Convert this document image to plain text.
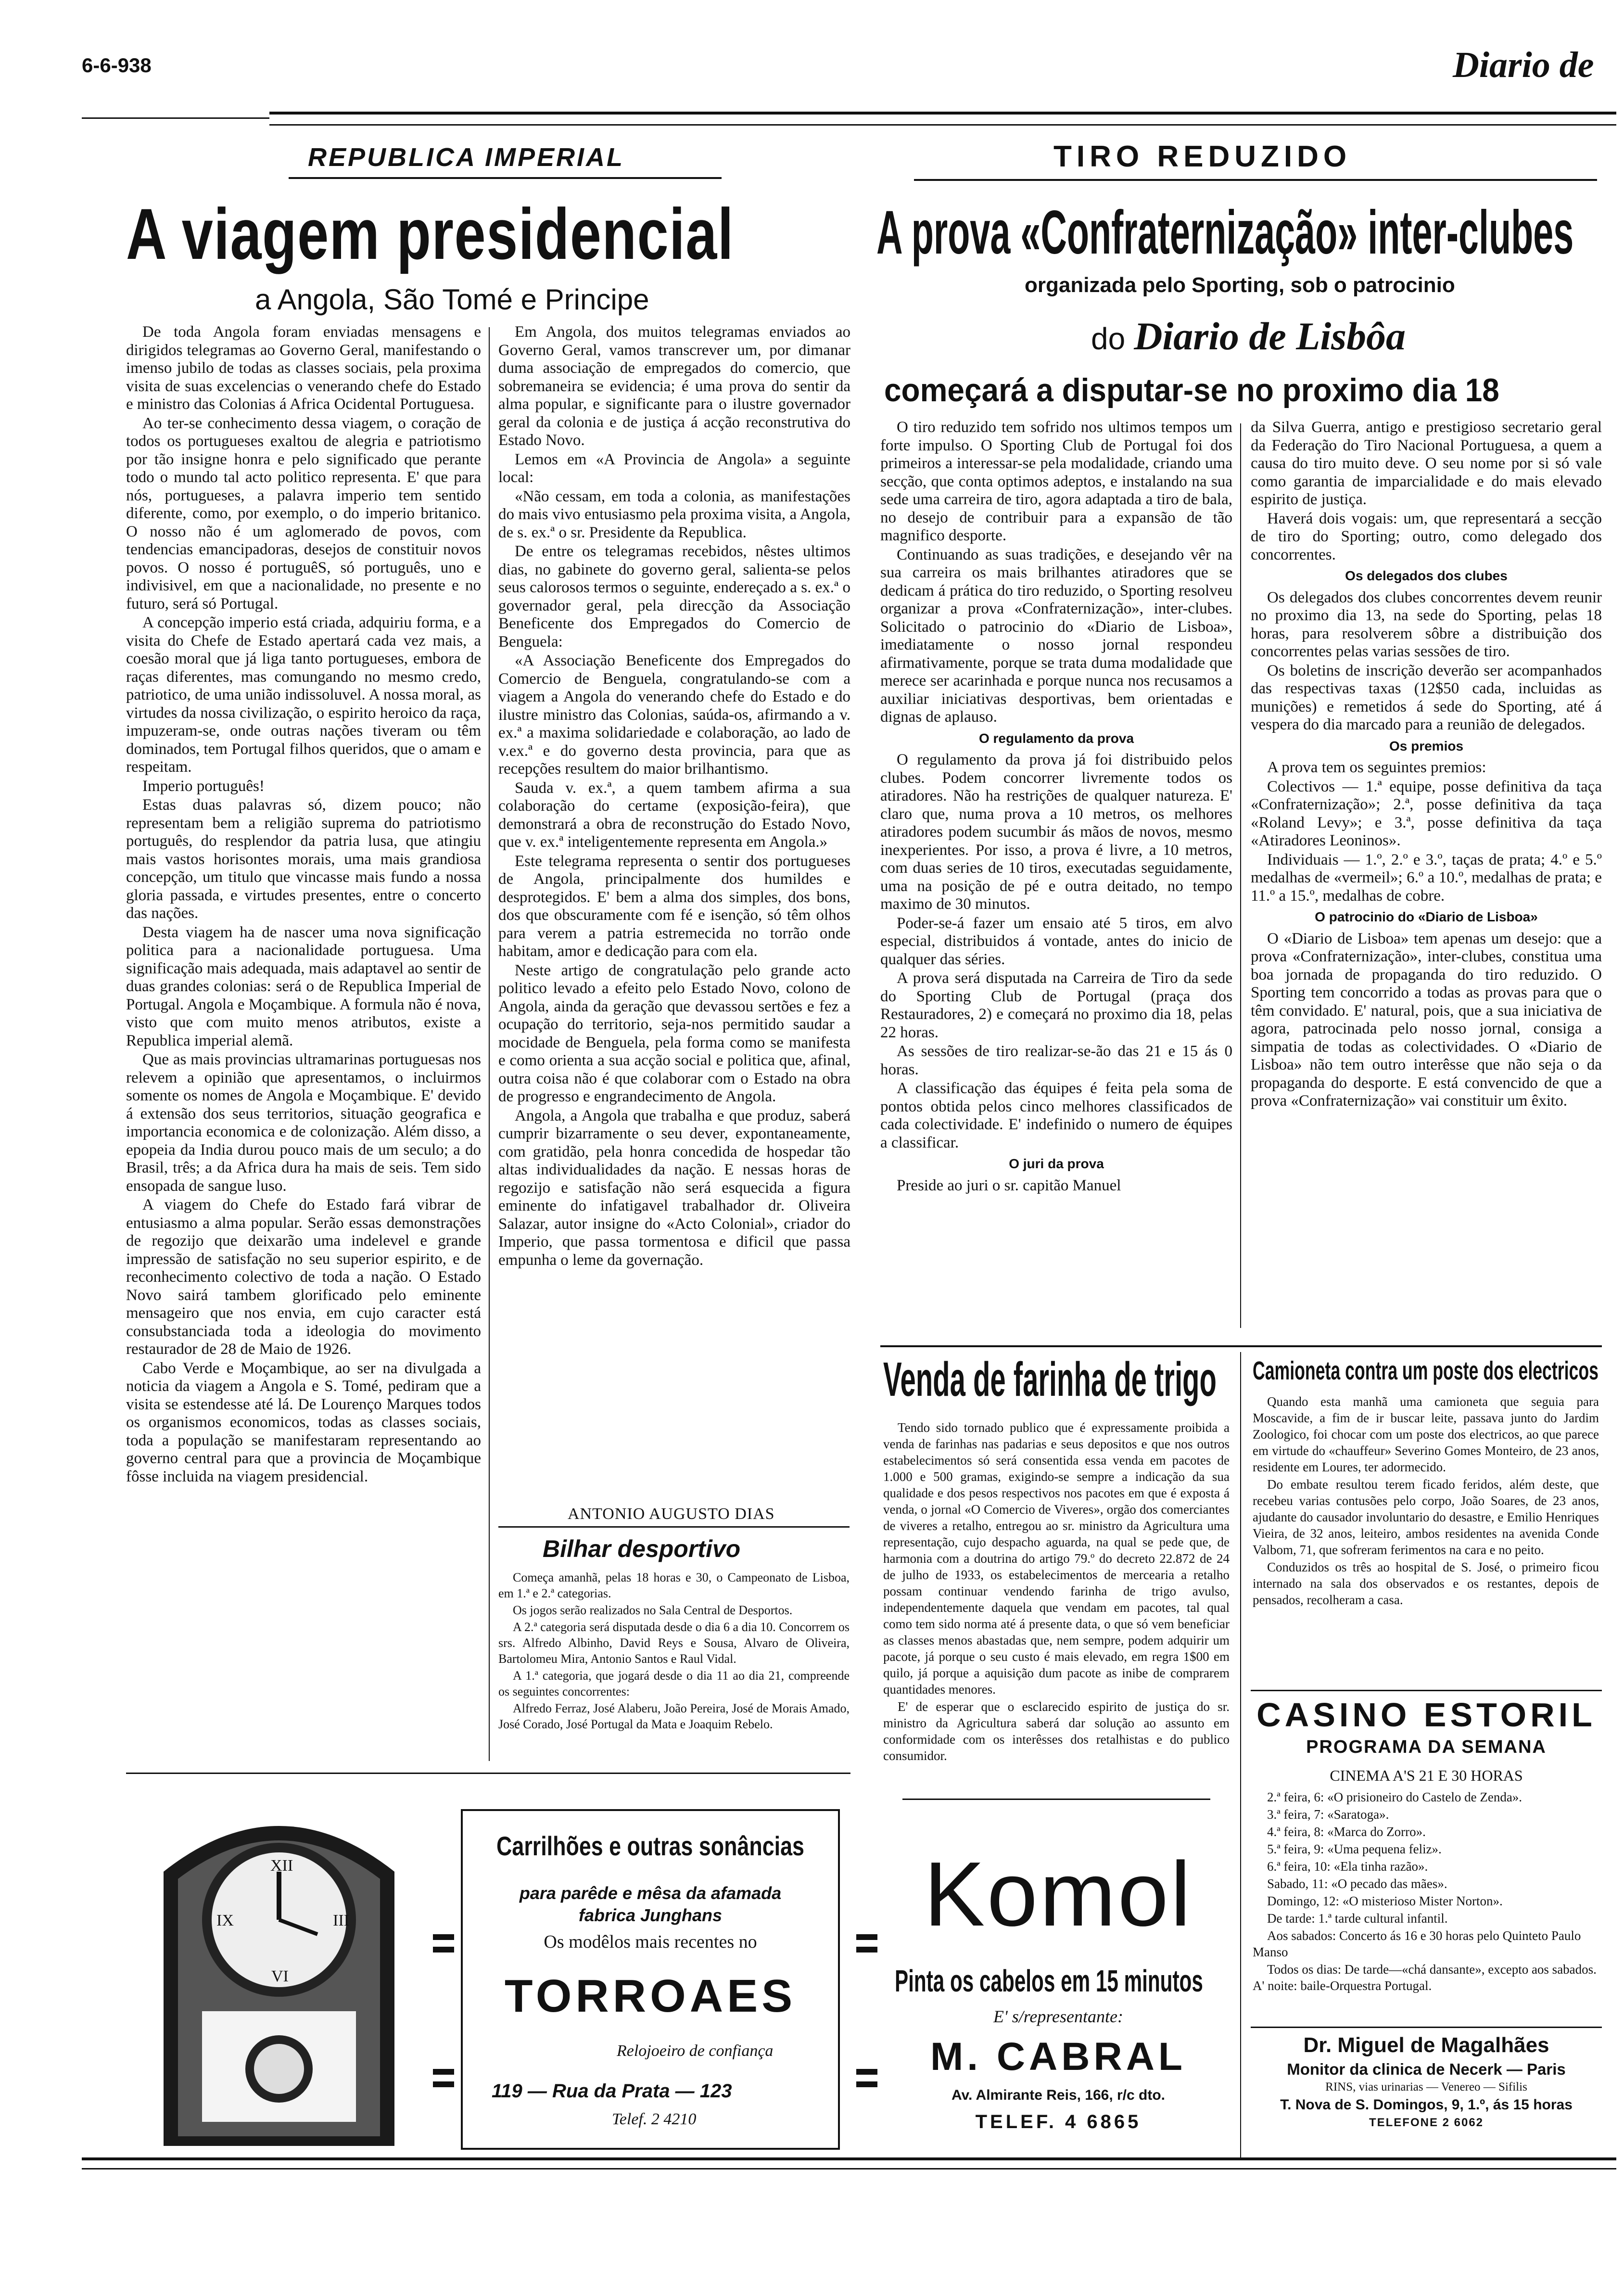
6-6-938	Diario de
REPUBLICA IMPERIAL
A viagem presidencial
a Angola, São Tomé e Principe

De toda Angola foram enviadas mensagens e dirigidos telegramas ao Governo Geral, manifestando o imenso jubilo de todas as classes sociais, pela proxima visita de suas excelencias o venerando chefe do Estado e ministro das Colonias á Africa Ocidental Portuguesa.

Ao ter-se conhecimento dessa viagem, o coração de todos os portugueses exaltou de alegria e patriotismo por tão insigne honra e pelo significado que perante todo o mundo tal acto politico representa. E' que para nós, portugueses, a palavra imperio tem sentido diferente, como, por exemplo, o do imperio britanico. O nosso não é um aglomerado de povos, com tendencias emancipadoras, desejos de constituir novos povos. O nosso é portuguêS, só português, uno e indivisivel, em que a nacionalidade, no presente e no futuro, será só Portugal.

A concepção imperio está criada, adquiriu forma, e a visita do Chefe de Estado apertará cada vez mais, a coesão moral que já liga tanto portugueses, embora de raças diferentes, mas comungando no mesmo credo, patriotico, de uma união indissoluvel. A nossa moral, as virtudes da nossa civilização, o espirito heroico da raça, impuzeram-se, onde outras nações tiveram ou têm dominados, tem Portugal filhos queridos, que o amam e respeitam.

Imperio português!

Estas duas palavras só, dizem pouco; não representam bem a religião suprema do patriotismo português, do resplendor da patria lusa, que atingiu mais vastos horisontes morais, uma mais grandiosa concepção, um titulo que vincasse mais fundo a nossa gloria passada, e virtudes presentes, entre o concerto das nações.

Desta viagem ha de nascer uma nova significação politica para a nacionalidade portuguesa. Uma significação mais adequada, mais adaptavel ao sentir de duas grandes colonias: será o de Republica Imperial de Portugal. Angola e Moçambique. A formula não é nova, visto que com muito menos atributos, existe a Republica imperial alemã.

Que as mais provincias ultramarinas portuguesas nos relevem a opinião que apresentamos, o incluirmos somente os nomes de Angola e Moçambique. E' devido á extensão dos seus territorios, situação geografica e importancia economica e de colonização. Além disso, a epopeia da India durou pouco mais de um seculo; a do Brasil, três; a da Africa dura ha mais de seis. Tem sido ensopada de sangue luso.

A viagem do Chefe do Estado fará vibrar de entusiasmo a alma popular. Serão essas demonstrações de regozijo que deixarão uma indelevel e grande impressão de satisfação no seu superior espirito, e de reconhecimento colectivo de toda a nação. O Estado Novo sairá tambem glorificado pelo eminente mensageiro que nos envia, em cujo caracter está consubstanciada toda a ideologia do movimento restaurador de 28 de Maio de 1926.

Cabo Verde e Moçambique, ao ser na divulgada a noticia da viagem a Angola e S. Tomé, pediram que a visita se estendesse até lá. De Lourenço Marques todos os organismos economicos, todas as classes sociais, toda a população se manifestaram representando ao governo central para que a provincia de Moçambique fôsse incluida na viagem presidencial.

Em Angola, dos muitos telegramas enviados ao Governo Geral, vamos transcrever um, por dimanar duma associação de empregados do comercio, que sobremaneira se evidencia; é uma prova do sentir da alma popular, e significante para o ilustre governador geral da colonia e de justiça á acção reconstrutiva do Estado Novo.

Lemos em «A Provincia de Angola» a seguinte local:

«Não cessam, em toda a colonia, as manifestações do mais vivo entusiasmo pela proxima visita, a Angola, de s. ex.ª o sr. Presidente da Republica.

De entre os telegramas recebidos, nêstes ultimos dias, no gabinete do governo geral, salienta-se pelos seus calorosos termos o seguinte, endereçado a s. ex.ª o governador geral, pela direcção da Associação Beneficente dos Empregados do Comercio de Benguela:

«A Associação Beneficente dos Empregados do Comercio de Benguela, congratulando-se com a viagem a Angola do venerando chefe do Estado e do ilustre ministro das Colonias, saúda-os, afirmando a v. ex.ª a maxima solidariedade e colaboração, ao lado de v.ex.ª e do governo desta provincia, para que as recepções resultem do maior brilhantismo.

Sauda v. ex.ª, a quem tambem afirma a sua colaboração do certame (exposição-feira), que demonstrará a obra de reconstrução do Estado Novo, que v. ex.ª inteligentemente representa em Angola.»

Este telegrama representa o sentir dos portugueses de Angola, principalmente dos humildes e desprotegidos. E' bem a alma dos simples, dos bons, dos que obscuramente com fé e isenção, só têm olhos para verem a patria estremecida no torrão onde habitam, amor e dedicação para com ela.

Neste artigo de congratulação pelo grande acto politico levado a efeito pelo Estado Novo, colono de Angola, ainda da geração que devassou sertões e fez a ocupação do territorio, seja-nos permitido saudar a mocidade de Benguela, pela forma como se manifesta e como orienta a sua acção social e politica que, afinal, outra coisa não é que colaborar com o Estado na obra de progresso e engrandecimento de Angola.

Angola, a Angola que trabalha e que produz, saberá cumprir bizarramente o seu dever, expontaneamente, com gratidão, pela honra concedida de hospedar tão altas individualidades da nação. E nessas horas de regozijo e satisfação não será esquecida a figura eminente do infatigavel trabalhador dr. Oliveira Salazar, autor insigne do «Acto Colonial», criador do Imperio, que passa tormentosa e dificil que passa empunha o leme da governação.

ANTONIO AUGUSTO DIAS
Bilhar desportivo

Começa amanhã, pelas 18 horas e 30, o Campeonato de Lisboa, em 1.ª e 2.ª categorias.

Os jogos serão realizados no Sala Central de Desportos.

A 2.ª categoria será disputada desde o dia 6 a dia 10. Concorrem os srs. Alfredo Albinho, David Reys e Sousa, Alvaro de Oliveira, Bartolomeu Mira, Antonio Santos e Raul Vidal.

A 1.ª categoria, que jogará desde o dia 11 ao dia 21, compreende os seguintes concorrentes:

Alfredo Ferraz, José Alaberu, João Pereira, José de Morais Amado, José Corado, José Portugal da Mata e Joaquim Rebelo.

XII
III
VI
IX
Carrilhões e outras sonâncias
para parêde e mêsa da afamada
fabrica Junghans
Os modêlos mais recentes no
TORROAES
Relojoeiro de confiança
119 — Rua da Prata — 123
Telef. 2 4210
TIRO REDUZIDO
A prova «Confraternização» inter-clubes
organizada pelo Sporting, sob o patrocinio
do Diario de Lisbôa
começará a disputar-se no proximo dia 18

O tiro reduzido tem sofrido nos ultimos tempos um forte impulso. O Sporting Club de Portugal foi dos primeiros a interessar-se pela modalidade, criando uma secção, que conta optimos adeptos, e instalando na sua sede uma carreira de tiro, agora adaptada a tiro de bala, no desejo de contribuir para a expansão de tão magnifico desporte.

Continuando as suas tradições, e desejando vêr na sua carreira os mais brilhantes atiradores que se dedicam á prática do tiro reduzido, o Sporting resolveu organizar a prova «Confraternização», inter-clubes. Solicitado o patrocinio do «Diario de Lisboa», imediatamente o nosso jornal respondeu afirmativamente, porque se trata duma modalidade que merece ser acarinhada e porque nunca nos recusamos a auxiliar iniciativas desportivas, bem orientadas e dignas de aplauso.

O regulamento da prova

O regulamento da prova já foi distribuido pelos clubes. Podem concorrer livremente todos os atiradores. Não ha restrições de qualquer natureza. E' claro que, numa prova a 10 metros, os melhores atiradores podem sucumbir ás mãos de novos, mesmo inexperientes. Por isso, a prova é livre, a 10 metros, com duas series de 10 tiros, executadas seguidamente, uma na posição de pé e outra deitado, no tempo maximo de 30 minutos.

Poder-se-á fazer um ensaio até 5 tiros, em alvo especial, distribuidos á vontade, antes do inicio de qualquer das séries.

A prova será disputada na Carreira de Tiro da sede do Sporting Club de Portugal (praça dos Restauradores, 2) e começará no proximo dia 18, pelas 22 horas.

As sessões de tiro realizar-se-ão das 21 e 15 ás 0 horas.

A classificação das équipes é feita pela soma de pontos obtida pelos cinco melhores classificados de cada colectividade. E' indefinido o numero de équipes a classificar.

O juri da prova

Preside ao juri o sr. capitão Manuel

da Silva Guerra, antigo e prestigioso secretario geral da Federação do Tiro Nacional Portuguesa, a quem a causa do tiro muito deve. O seu nome por si só vale como garantia de imparcialidade e do mais elevado espirito de justiça.

Haverá dois vogais: um, que representará a secção de tiro do Sporting; outro, como delegado dos concorrentes.

Os delegados dos clubes

Os delegados dos clubes concorrentes devem reunir no proximo dia 13, na sede do Sporting, pelas 18 horas, para resolverem sôbre a distribuição dos concorrentes pelas varias sessões de tiro.

Os boletins de inscrição deverão ser acompanhados das respectivas taxas (12$50 cada, incluidas as munições) e remetidos á sede do Sporting, até á vespera do dia marcado para a reunião de delegados.

Os premios

A prova tem os seguintes premios:

Colectivos — 1.ª equipe, posse definitiva da taça «Confraternização»; 2.ª, posse definitiva da taça «Roland Levy»; e 3.ª, posse definitiva da taça «Atiradores Leoninos».

Individuais — 1.º, 2.º e 3.º, taças de prata; 4.º e 5.º medalhas de «vermeil»; 6.º a 10.º, medalhas de prata; e 11.º a 15.º, medalhas de cobre.

O patrocinio do «Diario de Lisboa»

O «Diario de Lisboa» tem apenas um desejo: que a prova «Confraternização», inter-clubes, constitua uma boa jornada de propaganda do tiro reduzido. O Sporting tem concorrido a todas as provas para que o têm convidado. E' natural, pois, que a sua iniciativa de agora, patrocinada pelo nosso jornal, consiga a simpatia de todas as colectividades. O «Diario de Lisboa» não tem outro interêsse que não seja o da propaganda do desporte. E está convencido de que a prova «Confraternização» vai constituir um êxito.

Venda de farinha de trigo

Tendo sido tornado publico que é expressamente proibida a venda de farinhas nas padarias e seus depositos e que nos outros estabelecimentos só será consentida essa venda em pacotes de 1.000 e 500 gramas, exigindo-se sempre a indicação da sua qualidade e dos pesos respectivos nos pacotes em que é exposta á venda, o jornal «O Comercio de Viveres», orgão dos comerciantes de viveres a retalho, entregou ao sr. ministro da Agricultura uma representação, cujo despacho aguarda, na qual se pede que, de harmonia com a doutrina do artigo 79.º do decreto 22.872 de 24 de julho de 1933, os estabelecimentos de mercearia a retalho possam continuar vendendo farinha de trigo avulso, independentemente daquela que vendam em pacotes, tal qual como tem sido norma até á presente data, o que só vem beneficiar as classes menos abastadas que, nem sempre, podem adquirir um pacote, já porque o seu custo é mais elevado, em regra 1$00 em quilo, já porque a aquisição dum pacote as inibe de comprarem quantidades menores.

E' de esperar que o esclarecido espirito de justiça do sr. ministro da Agricultura saberá dar solução ao assunto em conformidade com os interêsses dos retalhistas e do publico consumidor.

Camioneta contra um poste dos electricos

Quando esta manhã uma camioneta que seguia para Moscavide, a fim de ir buscar leite, passava junto do Jardim Zoologico, foi chocar com um poste dos electricos, ao que parece em virtude do «chauffeur» Severino Gomes Monteiro, de 23 anos, residente em Loures, ter adormecido.

Do embate resultou terem ficado feridos, além deste, que recebeu varias contusões pelo corpo, João Soares, de 23 anos, ajudante do causador involuntario do desastre, e Emilio Henriques Vieira, de 32 anos, leiteiro, ambos residentes na avenida Conde Valbom, 71, que sofreram ferimentos na cara e no peito.

Conduzidos os três ao hospital de S. José, o primeiro ficou internado na sala dos observados e os restantes, depois de pensados, recolheram a casa.

CASINO ESTORIL
PROGRAMA DA SEMANA
CINEMA A'S 21 E 30 HORAS

2.ª feira, 6: «O prisioneiro do Castelo de Zenda».

3.ª feira, 7: «Saratoga».

4.ª feira, 8: «Marca do Zorro».

5.ª feira, 9: «Uma pequena feliz».

6.ª feira, 10: «Ela tinha razão».

Sabado, 11: «O pecado das mães».

Domingo, 12: «O misterioso Mister Norton».

De tarde: 1.ª tarde cultural infantil.

Aos sabados: Concerto ás 16 e 30 horas pelo Quinteto Paulo Manso

Todos os dias: De tarde—«chá dansante», excepto aos sabados. A' noite: baile-Orquestra Portugal.

Dr. Miguel de Magalhães
Monitor da clinica de Necerk — Paris
RINS, vias urinarias — Venereo — Sifilis
T. Nova de S. Domingos, 9, 1.º, ás 15 horas
TELEFONE 2 6062
Komol
Pinta os cabelos em 15 minutos
E' s/representante:
M. CABRAL
Av. Almirante Reis, 166, r/c dto.
TELEF. 4 6865
